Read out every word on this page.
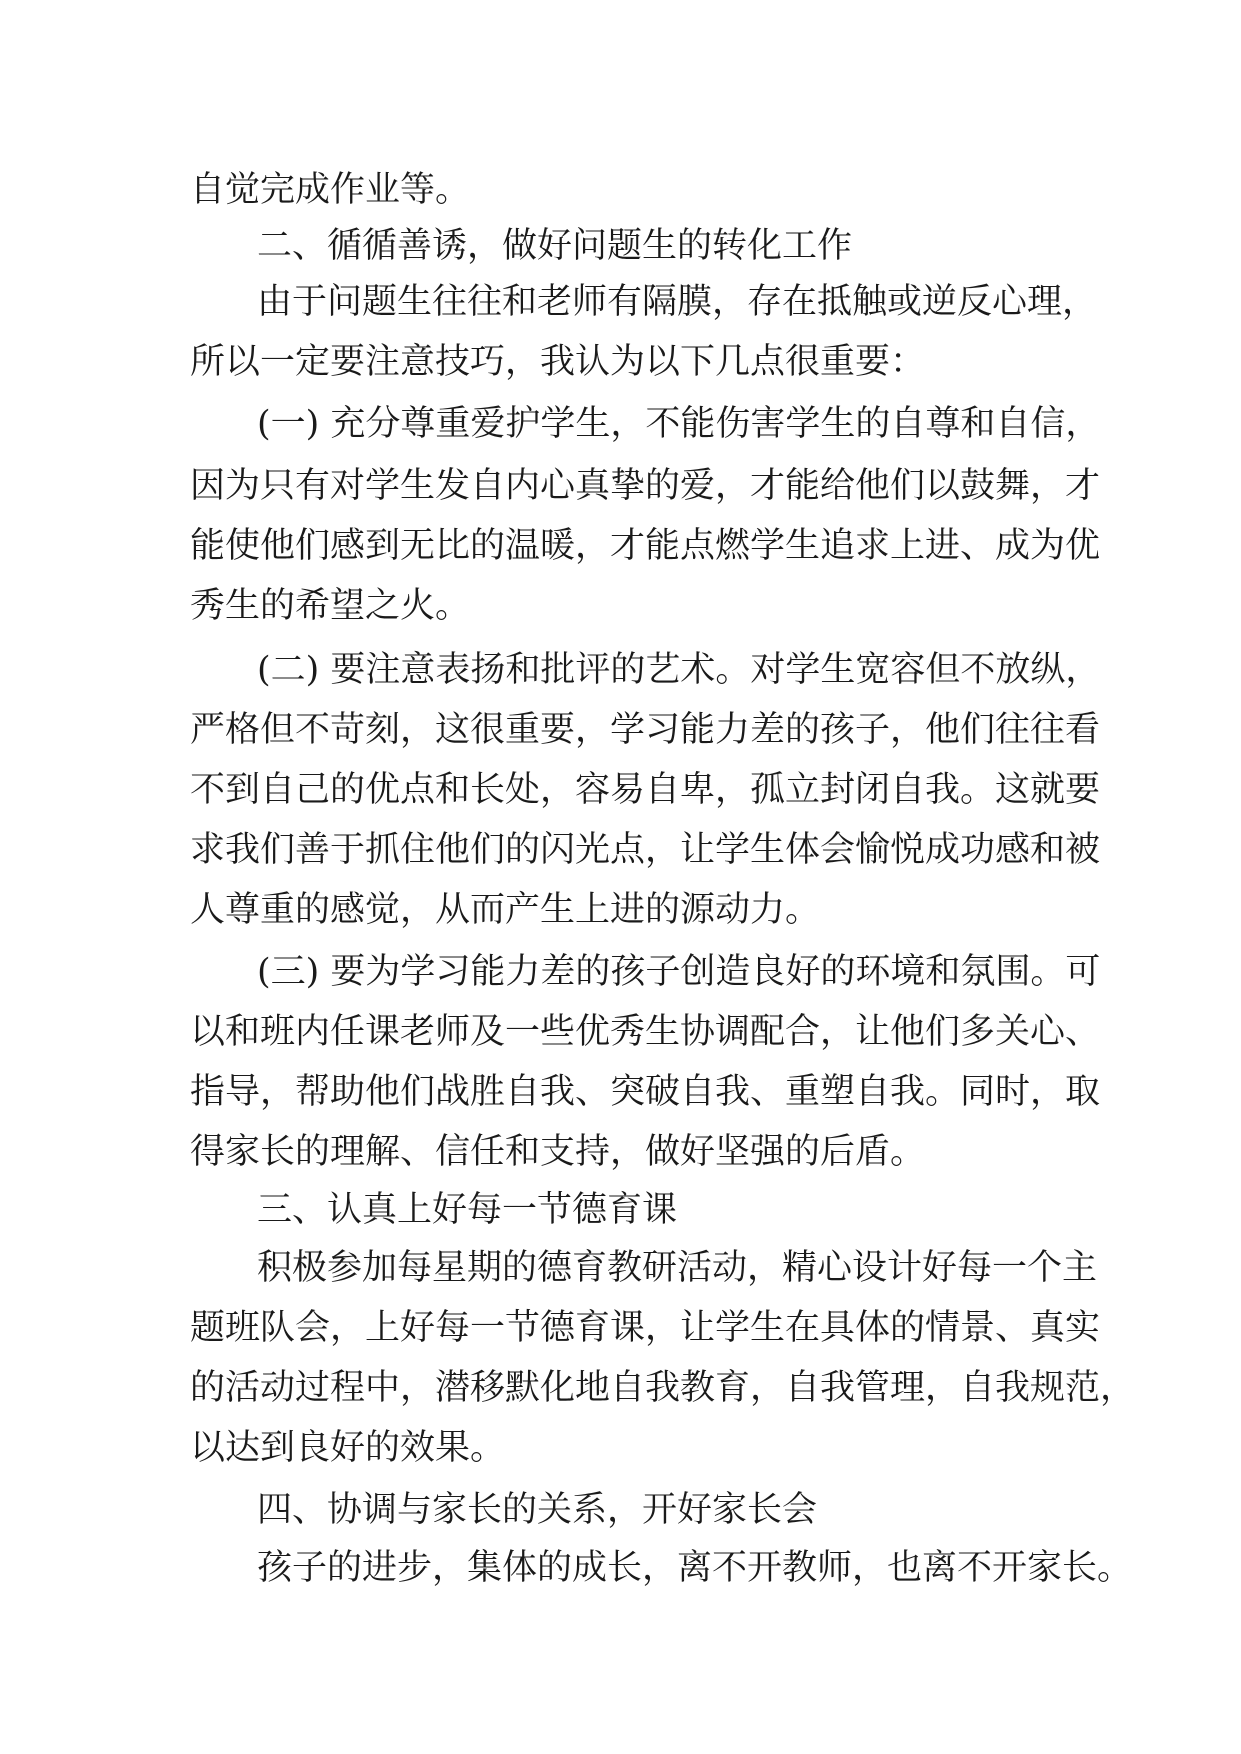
自觉完成作业等。
二、循循善诱，做好问题生的转化工作
由于问题生往往和老师有隔膜，存在抵触或逆反心理，
所以一定要注意技巧，我认为以下几点很重要：
(一) 充分尊重爱护学生，不能伤害学生的自尊和自信，
因为只有对学生发自内心真挚的爱，才能给他们以鼓舞，才
能使他们感到无比的温暖，才能点燃学生追求上进、成为优
秀生的希望之火。
(二) 要注意表扬和批评的艺术。对学生宽容但不放纵，
严格但不苛刻，这很重要，学习能力差的孩子，他们往往看
不到自己的优点和长处，容易自卑，孤立封闭自我。这就要
求我们善于抓住他们的闪光点，让学生体会愉悦成功感和被
人尊重的感觉，从而产生上进的源动力。
(三) 要为学习能力差的孩子创造良好的环境和氛围。可
以和班内任课老师及一些优秀生协调配合，让他们多关心、
指导，帮助他们战胜自我、突破自我、重塑自我。同时，取
得家长的理解、信任和支持，做好坚强的后盾。
三、认真上好每一节德育课
积极参加每星期的德育教研活动，精心设计好每一个主
题班队会，上好每一节德育课，让学生在具体的情景、真实
的活动过程中，潜移默化地自我教育，自我管理，自我规范，
以达到良好的效果。
四、协调与家长的关系，开好家长会
孩子的进步，集体的成长，离不开教师，也离不开家长。
